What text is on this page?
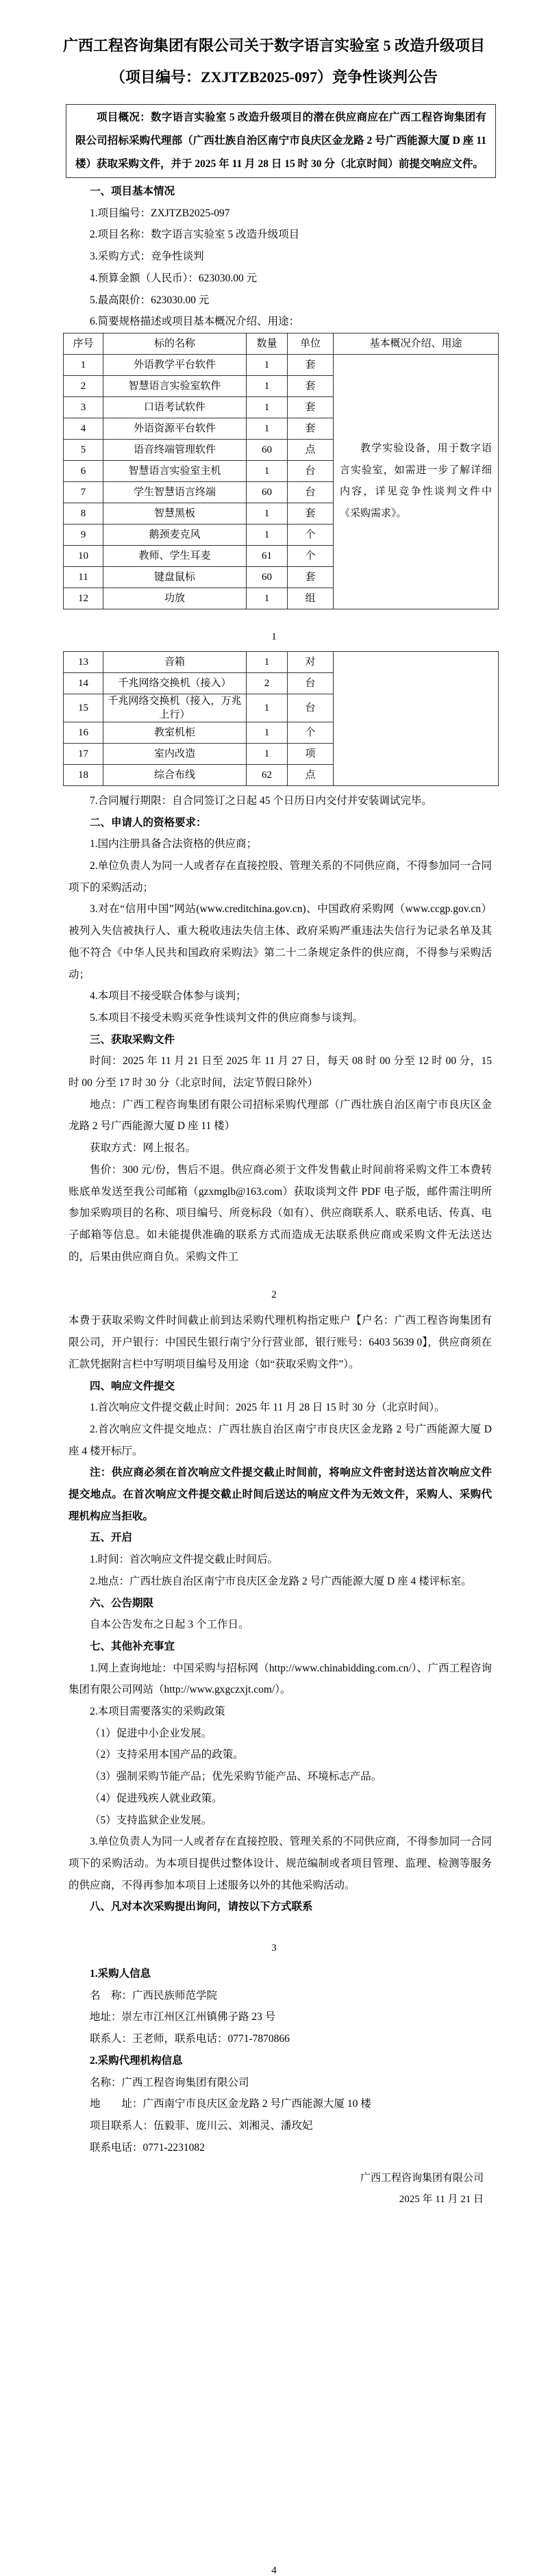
广西工程咨询集团有限公司关于数字语言实验室 5 改造升级项目
（项目编号：ZXJTZB2025-097）竞争性谈判公告

项目概况：数字语言实验室 5 改造升级项目的潜在供应商应在广西工程咨询集团有限公司招标采购代理部（广西壮族自治区南宁市良庆区金龙路 2 号广西能源大厦 D 座 11 楼）获取采购文件，并于 2025 年 11 月 28 日 15 时 30 分（北京时间）前提交响应文件。

一、项目基本情况

1.项目编号：ZXJTZB2025-097

2.项目名称：数字语言实验室 5 改造升级项目

3.采购方式：竞争性谈判

4.预算金额（人民币）：623030.00 元

5.最高限价：623030.00 元

6.简要规格描述或项目基本概况介绍、用途：

序号	标的名称	数量	单位	基本概况介绍、用途
1	外语教学平台软件	1	套	教学实验设备，用于数字语言实验室，如需进一步了解详细内容，详见竞争性谈判文件中《采购需求》。

2	智慧语言实验室软件	1	套	
3	口语考试软件	1	套	
4	外语资源平台软件	1	套	
5	语音终端管理软件	60	点	
6	智慧语言实验室主机	1	台	
7	学生智慧语言终端	60	台	
8	智慧黑板	1	套	
9	鹅颈麦克风	1	个	
10	教师、学生耳麦	61	个	
11	键盘鼠标	60	套	
12	功放	1	组	
1
13	音箱	1	对	
14	千兆网络交换机（接入）	2	台	
15	千兆网络交换机（接入，万兆上行）	1	台	
16	教室机柜	1	个	
17	室内改造	1	项	
18	综合布线	62	点	

7.合同履行期限：自合同签订之日起 45 个日历日内交付并安装调试完毕。

二、申请人的资格要求：

1.国内注册具备合法资格的供应商；

2.单位负责人为同一人或者存在直接控股、管理关系的不同供应商，不得参加同一合同项下的采购活动；

3.对在“信用中国”网站(www.creditchina.gov.cn)、中国政府采购网（www.ccgp.gov.cn）被列入失信被执行人、重大税收违法失信主体、政府采购严重违法失信行为记录名单及其他不符合《中华人民共和国政府采购法》第二十二条规定条件的供应商，不得参与采购活动；

4.本项目不接受联合体参与谈判；

5.本项目不接受未购买竞争性谈判文件的供应商参与谈判。

三、获取采购文件

时间：2025 年 11 月 21 日至 2025 年 11 月 27 日，每天 08 时 00 分至 12 时 00 分，15 时 00 分至 17 时 30 分（北京时间，法定节假日除外）

地点：广西工程咨询集团有限公司招标采购代理部（广西壮族自治区南宁市良庆区金龙路 2 号广西能源大厦 D 座 11 楼）

获取方式：网上报名。

售价：300 元/份，售后不退。供应商必须于文件发售截止时间前将采购文件工本费转账底单发送至我公司邮箱（gzxmglb@163.com）获取谈判文件 PDF 电子版，邮件需注明所参加采购项目的名称、项目编号、所竞标段（如有）、供应商联系人、联系电话、传真、电子邮箱等信息。如未能提供准确的联系方式而造成无法联系供应商或采购文件无法送达的，后果由供应商自负。采购文件工

2

本费于获取采购文件时间截止前到达采购代理机构指定账户【户名：广西工程咨询集团有限公司，开户银行：中国民生银行南宁分行营业部，银行账号：6403 5639 0】，供应商须在汇款凭据附言栏中写明项目编号及用途（如“获取采购文件”）。

四、响应文件提交

1.首次响应文件提交截止时间：2025 年 11 月 28 日 15 时 30 分（北京时间）。

2.首次响应文件提交地点：广西壮族自治区南宁市良庆区金龙路 2 号广西能源大厦 D 座 4 楼开标厅。

注：供应商必须在首次响应文件提交截止时间前，将响应文件密封送达首次响应文件提交地点。在首次响应文件提交截止时间后送达的响应文件为无效文件，采购人、采购代理机构应当拒收。

五、开启

1.时间：首次响应文件提交截止时间后。

2.地点：广西壮族自治区南宁市良庆区金龙路 2 号广西能源大厦 D 座 4 楼评标室。

六、公告期限

自本公告发布之日起 3 个工作日。

七、其他补充事宜

1.网上查询地址：中国采购与招标网（http://www.chinabidding.com.cn/）、广西工程咨询集团有限公司网站（http://www.gxgczxjt.com/）。

2.本项目需要落实的采购政策

（1）促进中小企业发展。

（2）支持采用本国产品的政策。

（3）强制采购节能产品；优先采购节能产品、环境标志产品。

（4）促进残疾人就业政策。

（5）支持监狱企业发展。

3.单位负责人为同一人或者存在直接控股、管理关系的不同供应商，不得参加同一合同项下的采购活动。为本项目提供过整体设计、规范编制或者项目管理、监理、检测等服务的供应商，不得再参加本项目上述服务以外的其他采购活动。

八、凡对本次采购提出询问，请按以下方式联系

3

1.采购人信息

名　称：广西民族师范学院

地址：崇左市江州区江州镇佛子路 23 号

联系人：王老师，联系电话：0771-7870866

2.采购代理机构信息

名称：广西工程咨询集团有限公司

地　　址：广西南宁市良庆区金龙路 2 号广西能源大厦 10 楼

项目联系人：伍毅菲、庞川云、刘湘灵、潘玫妃

联系电话：0771-2231082

广西工程咨询集团有限公司
2025 年 11 月 21 日
4
